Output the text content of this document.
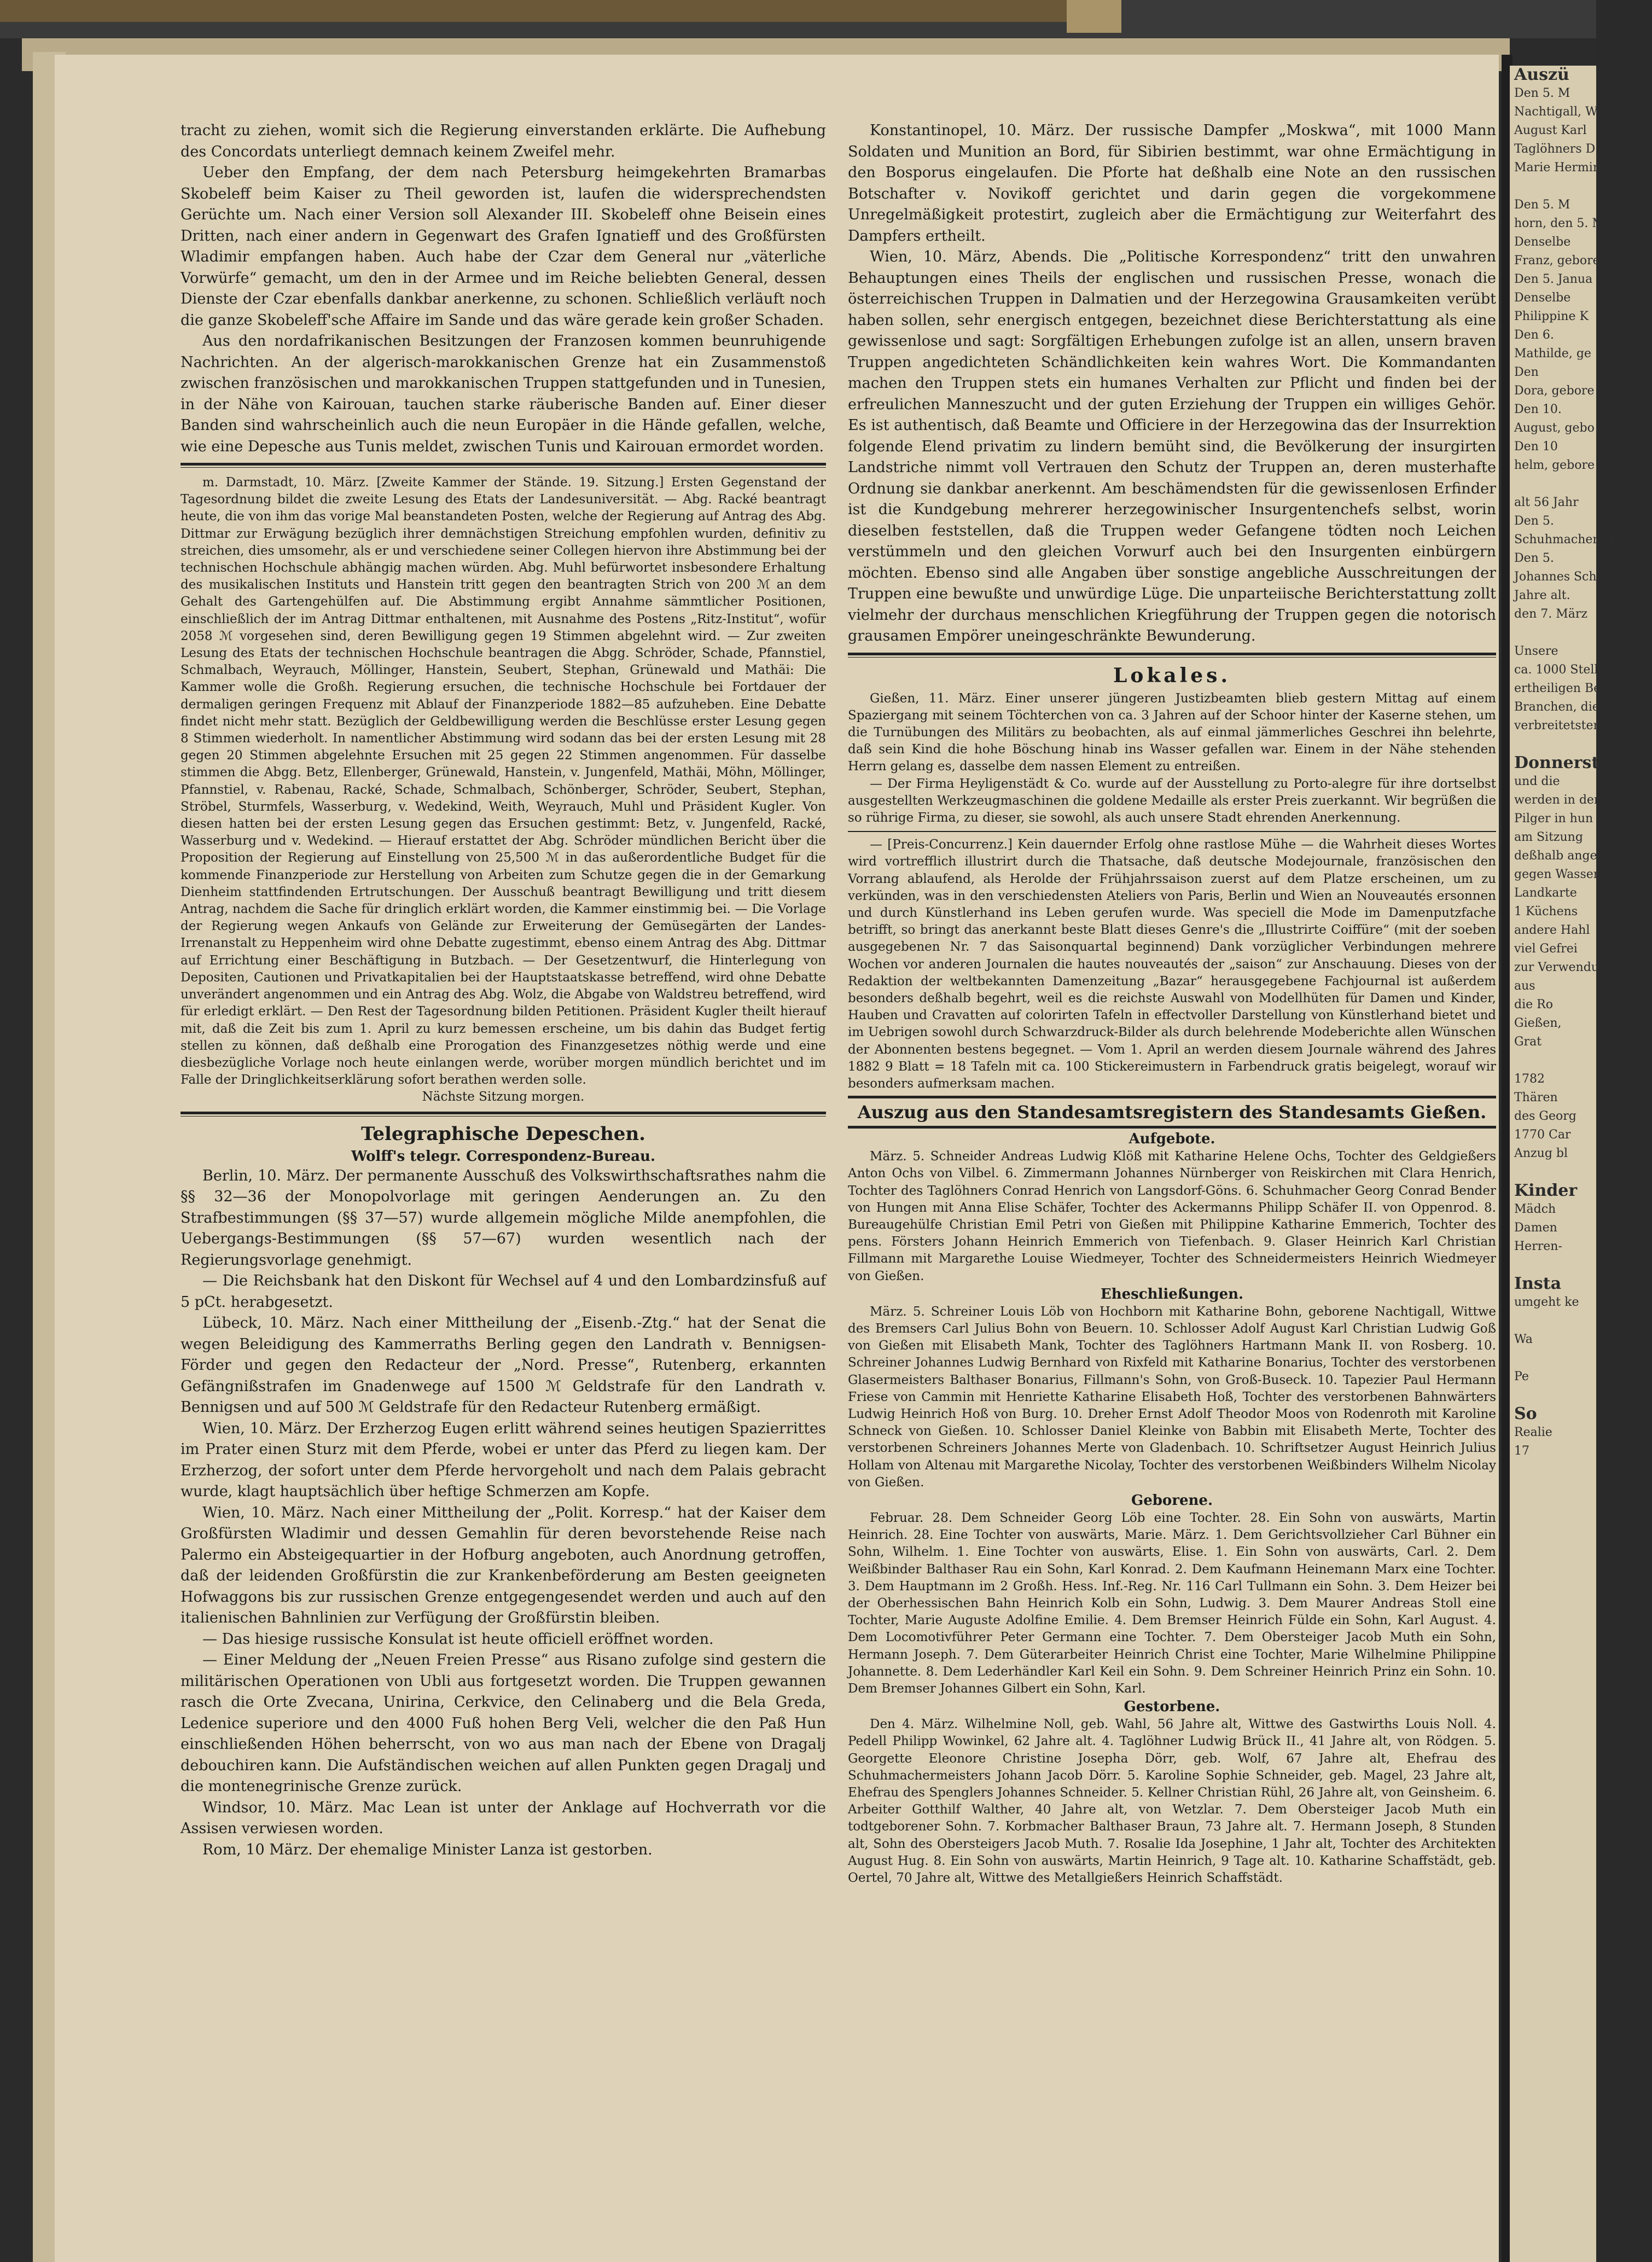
Auszü
Den 5. M
Nachtigall, W
August Karl
Taglöhners D
Marie Hermine

Den 5. M
horn, den 5. M
Denselbe
Franz, geborem
Den 5. Janua
Denselbe
Philippine K
Den 6.
Mathilde, ge
Den
Dora, gebore
Den 10.
August, gebo
Den 10
helm, gebore

alt 56 Jahr
Den 5.
Schuhmacher M
Den 5.
Johannes Sch
Jahre alt.
den 7. März

Unsere
ca. 1000 Stellen
ertheiligen Be
Branchen, die
verbreitetsten Zeitung

Donnerst
und die
werden in der
Pilger in hun
am Sitzung
deßhalb ange
gegen Wassers
Landkarte
1 Küchens
andere Hahl
viel Gefrei
zur Verwendung
aus
die Ro
Gießen,
Grat

1782
Thären
des Georg
1770 Car
Anzug bl

Kinder
Mädch
Damen
Herren-

Insta
umgeht ke

Wa

Pe

So
Realie
17

tracht zu ziehen, womit sich die Regierung einverstanden erklärte. Die Aufhebung des Concordats unterliegt demnach keinem Zweifel mehr.

Ueber den Empfang, der dem nach Petersburg heimgekehrten Bramarbas Skobeleff beim Kaiser zu Theil geworden ist, laufen die widersprechendsten Gerüchte um. Nach einer Version soll Alexander III. Skobeleff ohne Beisein eines Dritten, nach einer andern in Gegenwart des Grafen Ignatieff und des Großfürsten Wladimir empfangen haben. Auch habe der Czar dem General nur „väterliche Vorwürfe“ gemacht, um den in der Armee und im Reiche beliebten General, dessen Dienste der Czar ebenfalls dankbar anerkenne, zu schonen. Schließlich verläuft noch die ganze Skobeleff'sche Affaire im Sande und das wäre gerade kein großer Schaden.

Aus den nordafrikanischen Besitzungen der Franzosen kommen beunruhigende Nachrichten. An der algerisch-marokkanischen Grenze hat ein Zusammenstoß zwischen französischen und marokkanischen Truppen stattgefunden und in Tunesien, in der Nähe von Kairouan, tauchen starke räuberische Banden auf. Einer dieser Banden sind wahrscheinlich auch die neun Europäer in die Hände gefallen, welche, wie eine Depesche aus Tunis meldet, zwischen Tunis und Kairouan ermordet worden.

m. Darmstadt, 10. März. [Zweite Kammer der Stände. 19. Sitzung.] Ersten Gegenstand der Tagesordnung bildet die zweite Lesung des Etats der Landesuniversität. — Abg. Racké beantragt heute, die von ihm das vorige Mal beanstandeten Posten, welche der Regierung auf Antrag des Abg. Dittmar zur Erwägung bezüglich ihrer demnächstigen Streichung empfohlen wurden, definitiv zu streichen, dies umsomehr, als er und verschiedene seiner Collegen hiervon ihre Abstimmung bei der technischen Hochschule abhängig machen würden. Abg. Muhl befürwortet insbesondere Erhaltung des musikalischen Instituts und Hanstein tritt gegen den beantragten Strich von 200 ℳ an dem Gehalt des Gartengehülfen auf. Die Abstimmung ergibt Annahme sämmtlicher Positionen, einschließlich der im Antrag Dittmar enthaltenen, mit Ausnahme des Postens „Ritz-Institut“, wofür 2058 ℳ vorgesehen sind, deren Bewilligung gegen 19 Stimmen abgelehnt wird. — Zur zweiten Lesung des Etats der technischen Hochschule beantragen die Abgg. Schröder, Schade, Pfannstiel, Schmalbach, Weyrauch, Möllinger, Hanstein, Seubert, Stephan, Grünewald und Mathäi: Die Kammer wolle die Großh. Regierung ersuchen, die technische Hochschule bei Fortdauer der dermaligen geringen Frequenz mit Ablauf der Finanzperiode 1882—85 aufzuheben. Eine Debatte findet nicht mehr statt. Bezüglich der Geldbewilligung werden die Beschlüsse erster Lesung gegen 8 Stimmen wiederholt. In namentlicher Abstimmung wird sodann das bei der ersten Lesung mit 28 gegen 20 Stimmen abgelehnte Ersuchen mit 25 gegen 22 Stimmen angenommen. Für dasselbe stimmen die Abgg. Betz, Ellenberger, Grünewald, Hanstein, v. Jungenfeld, Mathäi, Möhn, Möllinger, Pfannstiel, v. Rabenau, Racké, Schade, Schmalbach, Schönberger, Schröder, Seubert, Stephan, Ströbel, Sturmfels, Wasserburg, v. Wedekind, Weith, Weyrauch, Muhl und Präsident Kugler. Von diesen hatten bei der ersten Lesung gegen das Ersuchen gestimmt: Betz, v. Jungenfeld, Racké, Wasserburg und v. Wedekind. — Hierauf erstattet der Abg. Schröder mündlichen Bericht über die Proposition der Regierung auf Einstellung von 25,500 ℳ in das außerordentliche Budget für die kommende Finanzperiode zur Herstellung von Arbeiten zum Schutze gegen die in der Gemarkung Dienheim stattfindenden Ertrutschungen. Der Ausschuß beantragt Bewilligung und tritt diesem Antrag, nachdem die Sache für dringlich erklärt worden, die Kammer einstimmig bei. — Die Vorlage der Regierung wegen Ankaufs von Gelände zur Erweiterung der Gemüsegärten der Landes-Irrenanstalt zu Heppenheim wird ohne Debatte zugestimmt, ebenso einem Antrag des Abg. Dittmar auf Errichtung einer Beschäftigung in Butzbach. — Der Gesetzentwurf, die Hinterlegung von Depositen, Cautionen und Privatkapitalien bei der Hauptstaatskasse betreffend, wird ohne Debatte unverändert angenommen und ein Antrag des Abg. Wolz, die Abgabe von Waldstreu betreffend, wird für erledigt erklärt. — Den Rest der Tagesordnung bilden Petitionen. Präsident Kugler theilt hierauf mit, daß die Zeit bis zum 1. April zu kurz bemessen erscheine, um bis dahin das Budget fertig stellen zu können, daß deßhalb eine Prorogation des Finanzgesetzes nöthig werde und eine diesbezügliche Vorlage noch heute einlangen werde, worüber morgen mündlich berichtet und im Falle der Dringlichkeitserklärung sofort berathen werden solle.

Nächste Sitzung morgen.

Telegraphische Depeschen.
Wolff's telegr. Correspondenz-Bureau.

Berlin, 10. März. Der permanente Ausschuß des Volkswirthschaftsrathes nahm die §§ 32—36 der Monopolvorlage mit geringen Aenderungen an. Zu den Strafbestimmungen (§§ 37—57) wurde allgemein mögliche Milde anempfohlen, die Uebergangs-Bestimmungen (§§ 57—67) wurden wesentlich nach der Regierungsvorlage genehmigt.

— Die Reichsbank hat den Diskont für Wechsel auf 4 und den Lombardzinsfuß auf 5 pCt. herabgesetzt.

Lübeck, 10. März. Nach einer Mittheilung der „Eisenb.-Ztg.“ hat der Senat die wegen Beleidigung des Kammerraths Berling gegen den Landrath v. Bennigsen-Förder und gegen den Redacteur der „Nord. Presse“, Rutenberg, erkannten Gefängnißstrafen im Gnadenwege auf 1500 ℳ Geldstrafe für den Landrath v. Bennigsen und auf 500 ℳ Geldstrafe für den Redacteur Rutenberg ermäßigt.

Wien, 10. März. Der Erzherzog Eugen erlitt während seines heutigen Spazierrittes im Prater einen Sturz mit dem Pferde, wobei er unter das Pferd zu liegen kam. Der Erzherzog, der sofort unter dem Pferde hervorgeholt und nach dem Palais gebracht wurde, klagt hauptsächlich über heftige Schmerzen am Kopfe.

Wien, 10. März. Nach einer Mittheilung der „Polit. Korresp.“ hat der Kaiser dem Großfürsten Wladimir und dessen Gemahlin für deren bevorstehende Reise nach Palermo ein Absteigequartier in der Hofburg angeboten, auch Anordnung getroffen, daß der leidenden Großfürstin die zur Krankenbeförderung am Besten geeigneten Hofwaggons bis zur russischen Grenze entgegengesendet werden und auch auf den italienischen Bahnlinien zur Verfügung der Großfürstin bleiben.

— Das hiesige russische Konsulat ist heute officiell eröffnet worden.

— Einer Meldung der „Neuen Freien Presse“ aus Risano zufolge sind gestern die militärischen Operationen von Ubli aus fortgesetzt worden. Die Truppen gewannen rasch die Orte Zvecana, Unirina, Cerkvice, den Celinaberg und die Bela Greda, Ledenice superiore und den 4000 Fuß hohen Berg Veli, welcher die den Paß Hun einschließenden Höhen beherrscht, von wo aus man nach der Ebene von Dragalj debouchiren kann. Die Aufständischen weichen auf allen Punkten gegen Dragalj und die montenegrinische Grenze zurück.

Windsor, 10. März. Mac Lean ist unter der Anklage auf Hochverrath vor die Assisen verwiesen worden.

Rom, 10 März. Der ehemalige Minister Lanza ist gestorben.

Konstantinopel, 10. März. Der russische Dampfer „Moskwa“, mit 1000 Mann Soldaten und Munition an Bord, für Sibirien bestimmt, war ohne Ermächtigung in den Bosporus eingelaufen. Die Pforte hat deßhalb eine Note an den russischen Botschafter v. Novikoff gerichtet und darin gegen die vorgekommene Unregelmäßigkeit protestirt, zugleich aber die Ermächtigung zur Weiterfahrt des Dampfers ertheilt.

Wien, 10. März, Abends. Die „Politische Korrespondenz“ tritt den unwahren Behauptungen eines Theils der englischen und russischen Presse, wonach die österreichischen Truppen in Dalmatien und der Herzegowina Grausamkeiten verübt haben sollen, sehr energisch entgegen, bezeichnet diese Berichterstattung als eine gewissenlose und sagt: Sorgfältigen Erhebungen zufolge ist an allen, unsern braven Truppen angedichteten Schändlichkeiten kein wahres Wort. Die Kommandanten machen den Truppen stets ein humanes Verhalten zur Pflicht und finden bei der erfreulichen Manneszucht und der guten Erziehung der Truppen ein williges Gehör. Es ist authentisch, daß Beamte und Officiere in der Herzegowina das der Insurrektion folgende Elend privatim zu lindern bemüht sind, die Bevölkerung der insurgirten Landstriche nimmt voll Vertrauen den Schutz der Truppen an, deren musterhafte Ordnung sie dankbar anerkennt. Am beschämendsten für die gewissenlosen Erfinder ist die Kundgebung mehrerer herzegowinischer Insurgentenchefs selbst, worin dieselben feststellen, daß die Truppen weder Gefangene tödten noch Leichen verstümmeln und den gleichen Vorwurf auch bei den Insurgenten einbürgern möchten. Ebenso sind alle Angaben über sonstige angebliche Ausschreitungen der Truppen eine bewußte und unwürdige Lüge. Die unparteiische Berichterstattung zollt vielmehr der durchaus menschlichen Kriegführung der Truppen gegen die notorisch grausamen Empörer uneingeschränkte Bewunderung.

Lokales.

Gießen, 11. März. Einer unserer jüngeren Justizbeamten blieb gestern Mittag auf einem Spaziergang mit seinem Töchterchen von ca. 3 Jahren auf der Schoor hinter der Kaserne stehen, um die Turnübungen des Militärs zu beobachten, als auf einmal jämmerliches Geschrei ihn belehrte, daß sein Kind die hohe Böschung hinab ins Wasser gefallen war. Einem in der Nähe stehenden Herrn gelang es, dasselbe dem nassen Element zu entreißen.

— Der Firma Heyligenstädt & Co. wurde auf der Ausstellung zu Porto-alegre für ihre dortselbst ausgestellten Werkzeugmaschinen die goldene Medaille als erster Preis zuerkannt. Wir begrüßen die so rührige Firma, zu dieser, sie sowohl, als auch unsere Stadt ehrenden Anerkennung.

— [Preis-Concurrenz.] Kein dauernder Erfolg ohne rastlose Mühe — die Wahrheit dieses Wortes wird vortrefflich illustrirt durch die Thatsache, daß deutsche Modejournale, französischen den Vorrang ablaufend, als Herolde der Frühjahrssaison zuerst auf dem Platze erscheinen, um zu verkünden, was in den verschiedensten Ateliers von Paris, Berlin und Wien an Nouveautés ersonnen und durch Künstlerhand ins Leben gerufen wurde. Was speciell die Mode im Damenputzfache betrifft, so bringt das anerkannt beste Blatt dieses Genre's die „Illustrirte Coiffüre“ (mit der soeben ausgegebenen Nr. 7 das Saisonquartal beginnend) Dank vorzüglicher Verbindungen mehrere Wochen vor anderen Journalen die hautes nouveautés der „saison“ zur Anschauung. Dieses von der Redaktion der weltbekannten Damenzeitung „Bazar“ herausgegebene Fachjournal ist außerdem besonders deßhalb begehrt, weil es die reichste Auswahl von Modellhüten für Damen und Kinder, Hauben und Cravatten auf colorirten Tafeln in effectvoller Darstellung von Künstlerhand bietet und im Uebrigen sowohl durch Schwarzdruck-Bilder als durch belehrende Modeberichte allen Wünschen der Abonnenten bestens begegnet. — Vom 1. April an werden diesem Journale während des Jahres 1882 9 Blatt = 18 Tafeln mit ca. 100 Stickereimustern in Farbendruck gratis beigelegt, worauf wir besonders aufmerksam machen.

Auszug aus den Standesamtsregistern des Standesamts Gießen.
Aufgebote.

März. 5. Schneider Andreas Ludwig Klöß mit Katharine Helene Ochs, Tochter des Geldgießers Anton Ochs von Vilbel. 6. Zimmermann Johannes Nürnberger von Reiskirchen mit Clara Henrich, Tochter des Taglöhners Conrad Henrich von Langsdorf-Göns. 6. Schuhmacher Georg Conrad Bender von Hungen mit Anna Elise Schäfer, Tochter des Ackermanns Philipp Schäfer II. von Oppenrod. 8. Bureaugehülfe Christian Emil Petri von Gießen mit Philippine Katharine Emmerich, Tochter des pens. Försters Johann Heinrich Emmerich von Tiefenbach. 9. Glaser Heinrich Karl Christian Fillmann mit Margarethe Louise Wiedmeyer, Tochter des Schneidermeisters Heinrich Wiedmeyer von Gießen.

Eheschließungen.

März. 5. Schreiner Louis Löb von Hochborn mit Katharine Bohn, geborene Nachtigall, Wittwe des Bremsers Carl Julius Bohn von Beuern. 10. Schlosser Adolf August Karl Christian Ludwig Goß von Gießen mit Elisabeth Mank, Tochter des Taglöhners Hartmann Mank II. von Rosberg. 10. Schreiner Johannes Ludwig Bernhard von Rixfeld mit Katharine Bonarius, Tochter des verstorbenen Glasermeisters Balthaser Bonarius, Fillmann's Sohn, von Groß-Buseck. 10. Tapezier Paul Hermann Friese von Cammin mit Henriette Katharine Elisabeth Hoß, Tochter des verstorbenen Bahnwärters Ludwig Heinrich Hoß von Burg. 10. Dreher Ernst Adolf Theodor Moos von Rodenroth mit Karoline Schneck von Gießen. 10. Schlosser Daniel Kleinke von Babbin mit Elisabeth Merte, Tochter des verstorbenen Schreiners Johannes Merte von Gladenbach. 10. Schriftsetzer August Heinrich Julius Hollam von Altenau mit Margarethe Nicolay, Tochter des verstorbenen Weißbinders Wilhelm Nicolay von Gießen.

Geborene.

Februar. 28. Dem Schneider Georg Löb eine Tochter. 28. Ein Sohn von auswärts, Martin Heinrich. 28. Eine Tochter von auswärts, Marie. März. 1. Dem Gerichtsvollzieher Carl Bühner ein Sohn, Wilhelm. 1. Eine Tochter von auswärts, Elise. 1. Ein Sohn von auswärts, Carl. 2. Dem Weißbinder Balthaser Rau ein Sohn, Karl Konrad. 2. Dem Kaufmann Heinemann Marx eine Tochter. 3. Dem Hauptmann im 2 Großh. Hess. Inf.-Reg. Nr. 116 Carl Tullmann ein Sohn. 3. Dem Heizer bei der Oberhessischen Bahn Heinrich Kolb ein Sohn, Ludwig. 3. Dem Maurer Andreas Stoll eine Tochter, Marie Auguste Adolfine Emilie. 4. Dem Bremser Heinrich Fülde ein Sohn, Karl August. 4. Dem Locomotivführer Peter Germann eine Tochter. 7. Dem Obersteiger Jacob Muth ein Sohn, Hermann Joseph. 7. Dem Güterarbeiter Heinrich Christ eine Tochter, Marie Wilhelmine Philippine Johannette. 8. Dem Lederhändler Karl Keil ein Sohn. 9. Dem Schreiner Heinrich Prinz ein Sohn. 10. Dem Bremser Johannes Gilbert ein Sohn, Karl.

Gestorbene.

Den 4. März. Wilhelmine Noll, geb. Wahl, 56 Jahre alt, Wittwe des Gastwirths Louis Noll. 4. Pedell Philipp Wowinkel, 62 Jahre alt. 4. Taglöhner Ludwig Brück II., 41 Jahre alt, von Rödgen. 5. Georgette Eleonore Christine Josepha Dörr, geb. Wolf, 67 Jahre alt, Ehefrau des Schuhmachermeisters Johann Jacob Dörr. 5. Karoline Sophie Schneider, geb. Magel, 23 Jahre alt, Ehefrau des Spenglers Johannes Schneider. 5. Kellner Christian Rühl, 26 Jahre alt, von Geinsheim. 6. Arbeiter Gotthilf Walther, 40 Jahre alt, von Wetzlar. 7. Dem Obersteiger Jacob Muth ein todtgeborener Sohn. 7. Korbmacher Balthaser Braun, 73 Jahre alt. 7. Hermann Joseph, 8 Stunden alt, Sohn des Obersteigers Jacob Muth. 7. Rosalie Ida Josephine, 1 Jahr alt, Tochter des Architekten August Hug. 8. Ein Sohn von auswärts, Martin Heinrich, 9 Tage alt. 10. Katharine Schaffstädt, geb. Oertel, 70 Jahre alt, Wittwe des Metallgießers Heinrich Schaffstädt.
